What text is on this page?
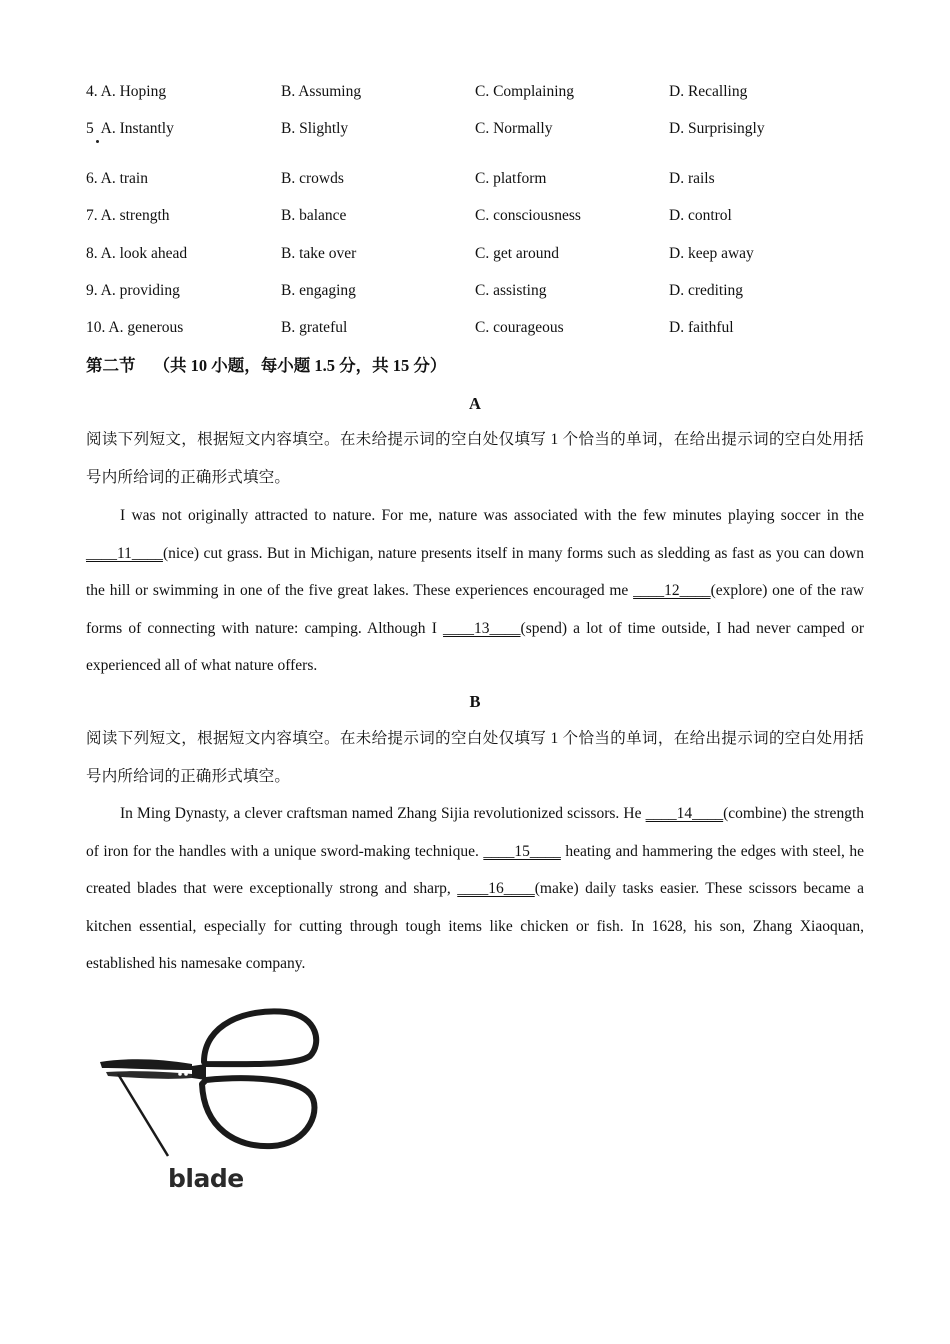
4. A. Hoping	B. Assuming	C. Complaining	D. Recalling
5  A. Instantly	B. Slightly	C. Normally	D. Surprisingly
6. A. train	B. crowds	C. platform	D. rails
7. A. strength	B. balance	C. consciousness	D. control
8. A. look ahead	B. take over	C. get around	D. keep away
9. A. providing	B. engaging	C. assisting	D. crediting
10. A. generous	B. grateful	C. courageous	D. faithful
第二节 （共 10 小题，每小题 1.5 分，共 15 分）
A
阅读下列短文，根据短文内容填空。在未给提示词的空白处仅填写 1 个恰当的单词，在给出提示词的空白处用括号内所给词的正确形式填空。
I was not originally attracted to nature. For me, nature was associated with the few minutes playing soccer in the ____11____(nice) cut grass. But in Michigan, nature presents itself in many forms such as sledding as fast as you can down the hill or swimming in one of the five great lakes. These experiences encouraged me ____12____(explore) one of the raw forms of connecting with nature: camping. Although I ____13____(spend) a lot of time outside, I had never camped or experienced all of what nature offers.
B
阅读下列短文，根据短文内容填空。在未给提示词的空白处仅填写 1 个恰当的单词，在给出提示词的空白处用括号内所给词的正确形式填空。
In Ming Dynasty, a clever craftsman named Zhang Sijia revolutionized scissors. He ____14____(combine) the strength of iron for the handles with a unique sword-making technique. ____15____ heating and hammering the edges with steel, he created blades that were exceptionally strong and sharp, ____16____(make) daily tasks easier. These scissors became a kitchen essential, especially for cutting through tough items like chicken or fish. In 1628, his son, Zhang Xiaoquan, established his namesake company.
blade
